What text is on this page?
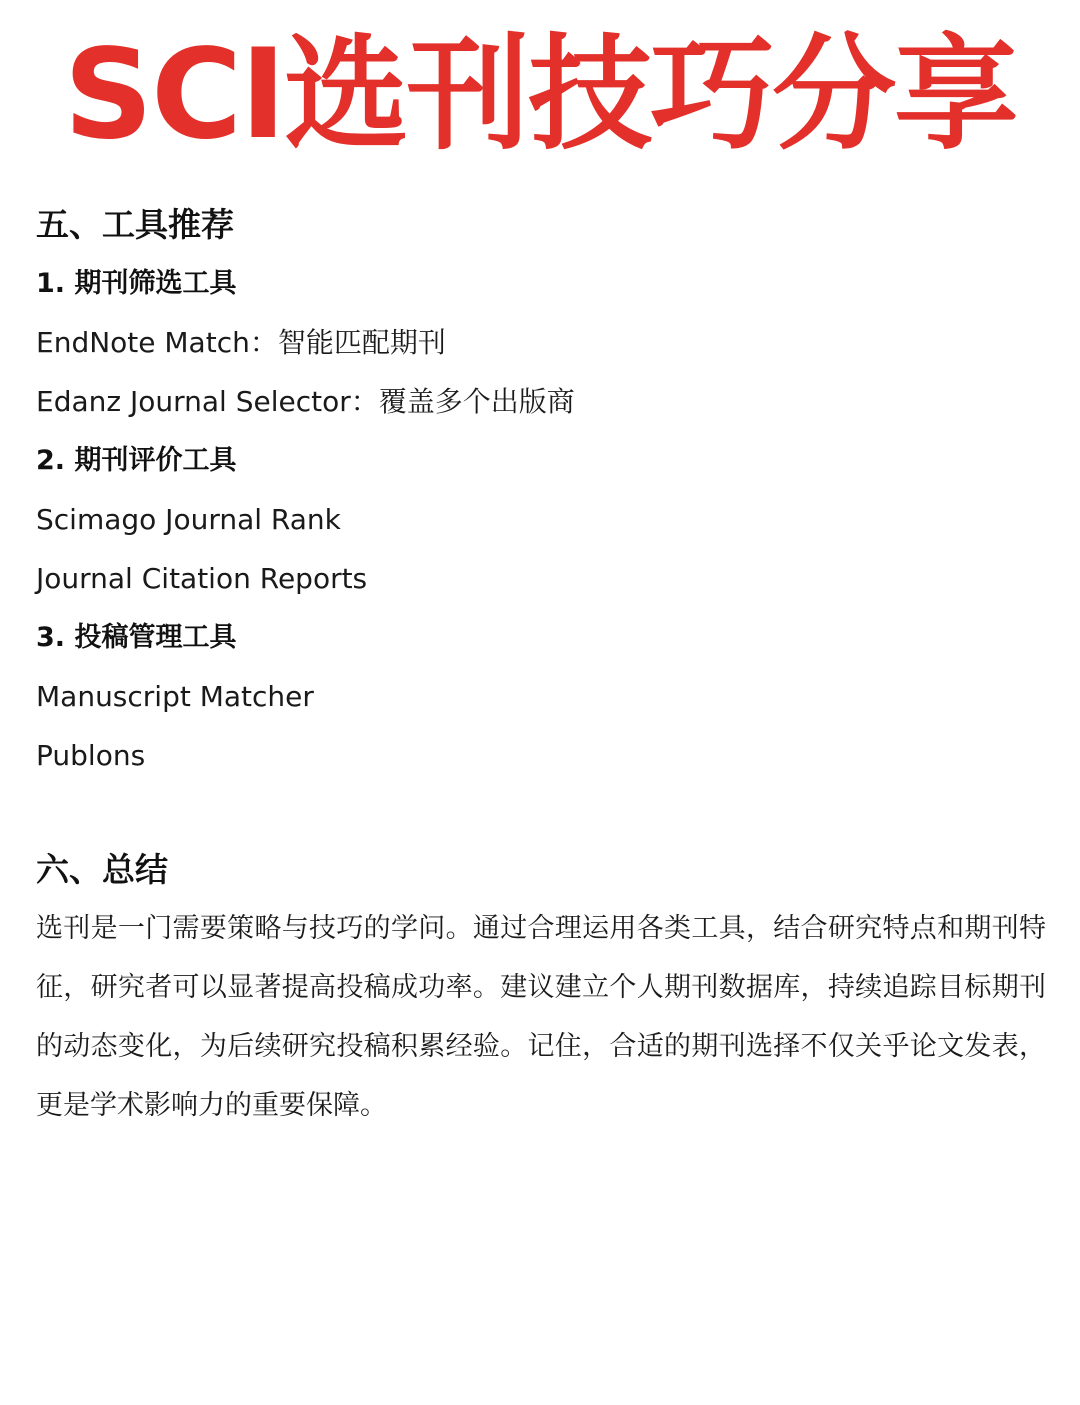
SCI选刊技巧分享

五、工具推荐

1. 期刊筛选工具

EndNote Match：智能匹配期刊

Edanz Journal Selector：覆盖多个出版商

2. 期刊评价工具

Scimago Journal Rank

Journal Citation Reports

3. 投稿管理工具

Manuscript Matcher

Publons

六、总结

选刊是一门需要策略与技巧的学问。通过合理运用各类工具，结合研究特点和期刊特征，研究者可以显著提高投稿成功率。建议建立个人期刊数据库，持续追踪目标期刊的动态变化，为后续研究投稿积累经验。记住，合适的期刊选择不仅关乎论文发表，更是学术影响力的重要保障。
